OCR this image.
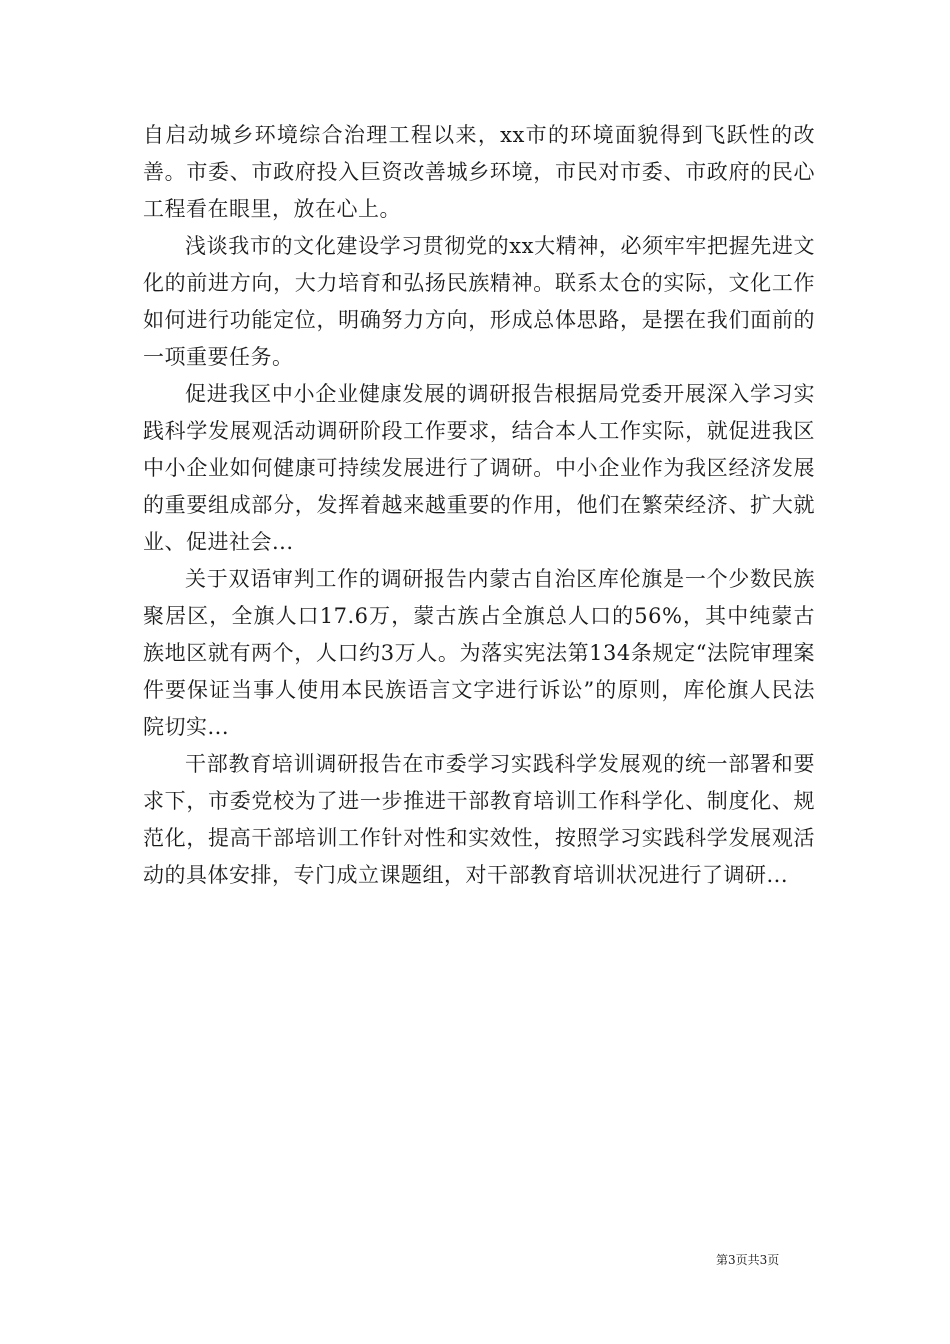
自启动城乡环境综合治理工程以来，xx市的环境面貌得到飞跃性的改善。市委、市政府投入巨资改善城乡环境，市民对市委、市政府的民心工程看在眼里，放在心上。

浅谈我市的文化建设学习贯彻党的xx大精神，必须牢牢把握先进文化的前进方向，大力培育和弘扬民族精神。联系太仓的实际，文化工作如何进行功能定位，明确努力方向，形成总体思路，是摆在我们面前的一项重要任务。

促进我区中小企业健康发展的调研报告根据局党委开展深入学习实践科学发展观活动调研阶段工作要求，结合本人工作实际，就促进我区中小企业如何健康可持续发展进行了调研。中小企业作为我区经济发展的重要组成部分，发挥着越来越重要的作用，他们在繁荣经济、扩大就业、促进社会...

关于双语审判工作的调研报告内蒙古自治区库伦旗是一个少数民族聚居区，全旗人口17.6万，蒙古族占全旗总人口的56%，其中纯蒙古族地区就有两个，人口约3万人。为落实宪法第134条规定“法院审理案件要保证当事人使用本民族语言文字进行诉讼”的原则，库伦旗人民法院切实...

干部教育培训调研报告在市委学习实践科学发展观的统一部署和要求下，市委党校为了进一步推进干部教育培训工作科学化、制度化、规范化，提高干部培训工作针对性和实效性，按照学习实践科学发展观活动的具体安排，专门成立课题组，对干部教育培训状况进行了调研...

第3页共3页
